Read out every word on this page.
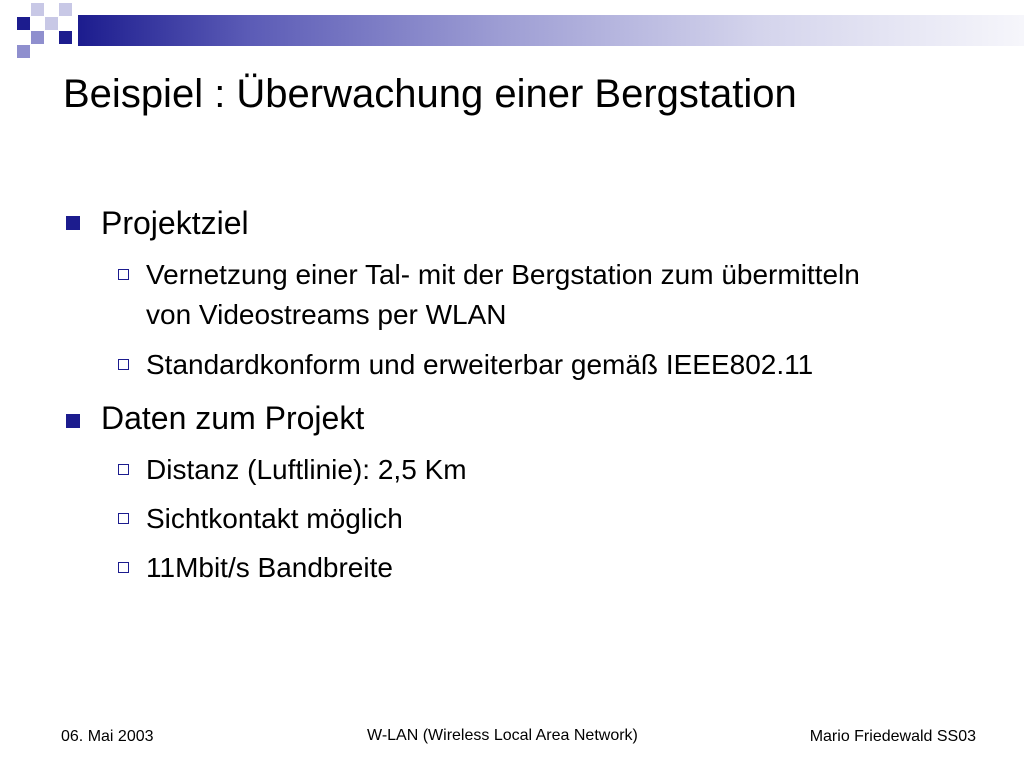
Beispiel : Überwachung einer Bergstation
Projektziel
Vernetzung einer Tal- mit der Bergstation zum übermitteln von Videostreams per WLAN
Standardkonform und erweiterbar gemäß IEEE802.11
Daten zum Projekt
Distanz (Luftlinie): 2,5 Km
Sichtkontakt möglich
11Mbit/s Bandbreite
06. Mai 2003	W-LAN (Wireless Local Area Network)	Mario Friedewald SS03
